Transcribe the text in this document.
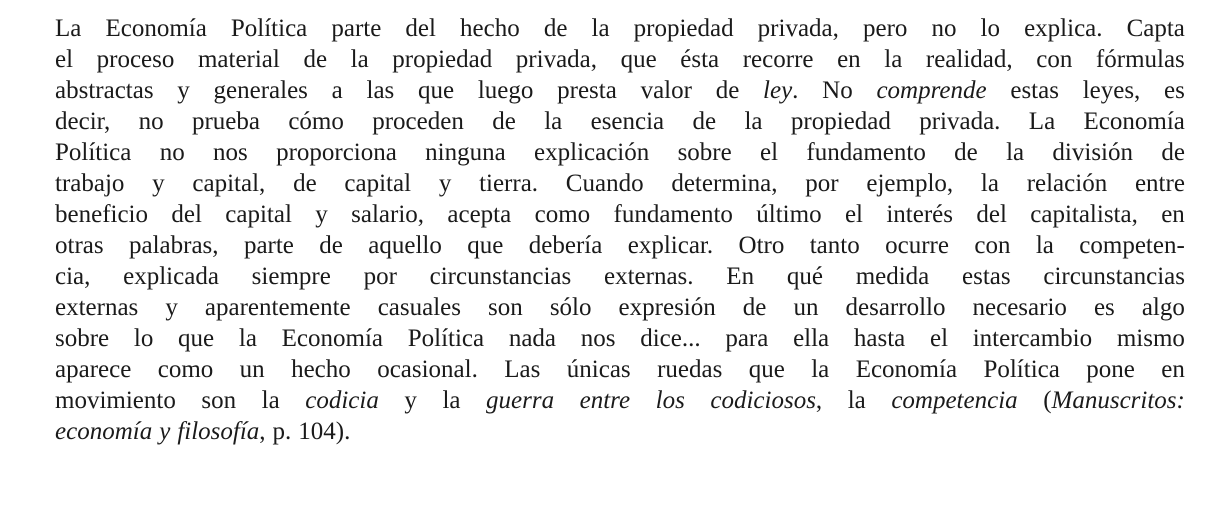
La Economía Política parte del hecho de la propiedad privada, pero no lo explica. Capta
el proceso material de la propiedad privada, que ésta recorre en la realidad, con fórmulas
abstractas y generales a las que luego presta valor de ley. No comprende estas leyes, es
decir, no prueba cómo proceden de la esencia de la propiedad privada. La Economía
Política no nos proporciona ninguna explicación sobre el fundamento de la división de
trabajo y capital, de capital y tierra. Cuando determina, por ejemplo, la relación entre
beneficio del capital y salario, acepta como fundamento último el interés del capitalista, en
otras palabras, parte de aquello que debería explicar. Otro tanto ocurre con la competen-
cia, explicada siempre por circunstancias externas. En qué medida estas circunstancias
externas y aparentemente casuales son sólo expresión de un desarrollo necesario es algo
sobre lo que la Economía Política nada nos dice... para ella hasta el intercambio mismo
aparece como un hecho ocasional. Las únicas ruedas que la Economía Política pone en
movimiento son la codicia y la guerra entre los codiciosos, la competencia (Manuscritos:
economía y filosofía, p. 104).
